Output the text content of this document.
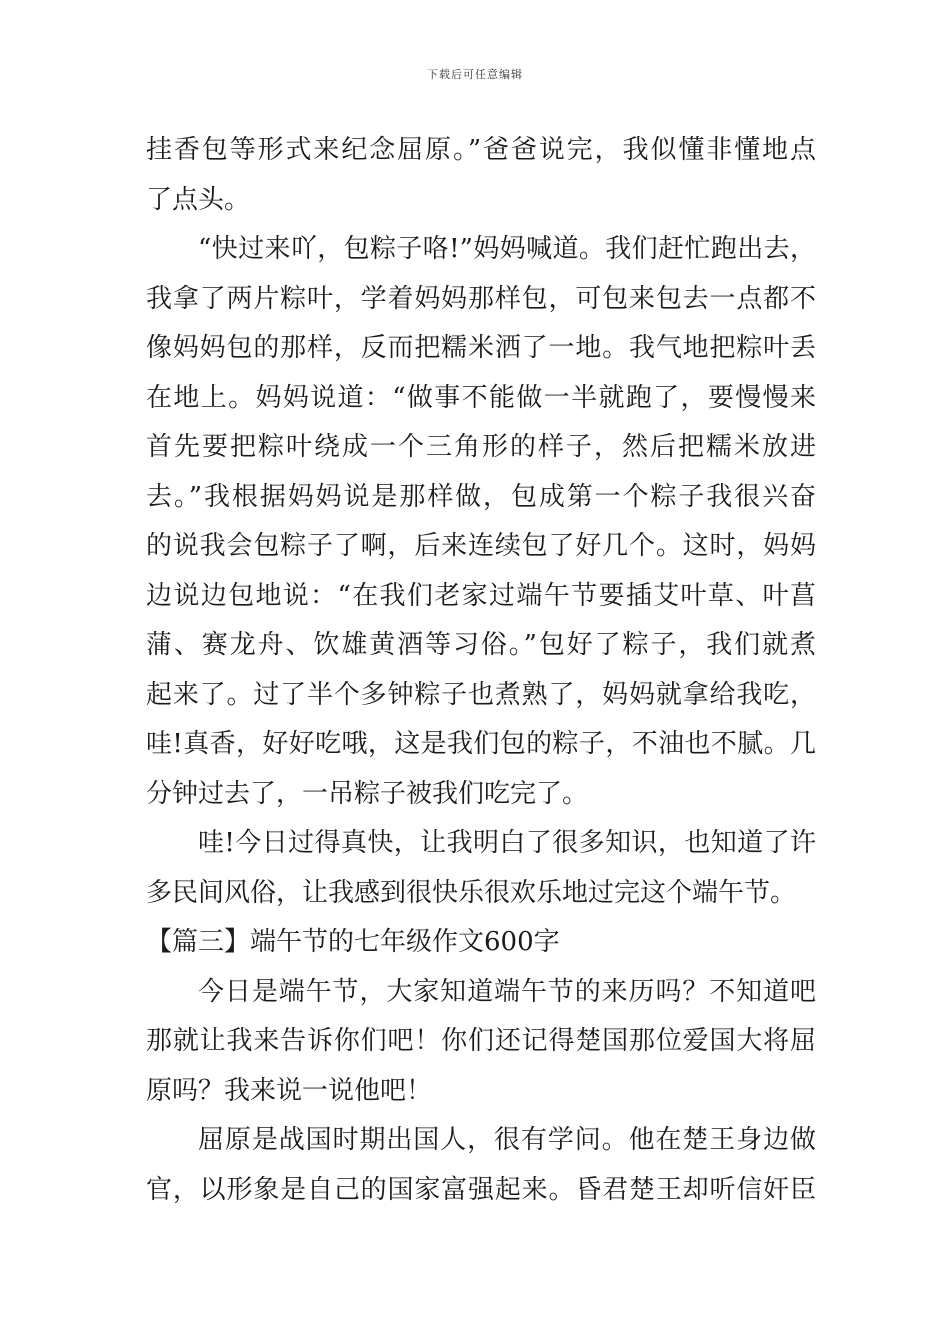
下载后可任意编辑
挂香包等形式来纪念屈原。”爸爸说完，我似懂非懂地点
了点头。
“快过来吖，包粽子咯!”妈妈喊道。我们赶忙跑出去，
我拿了两片粽叶，学着妈妈那样包，可包来包去一点都不
像妈妈包的那样，反而把糯米洒了一地。我气地把粽叶丢
在地上。妈妈说道：“做事不能做一半就跑了，要慢慢来
首先要把粽叶绕成一个三角形的样子，然后把糯米放进
去。”我根据妈妈说是那样做，包成第一个粽子我很兴奋
的说我会包粽子了啊，后来连续包了好几个。这时，妈妈
边说边包地说：“在我们老家过端午节要插艾叶草、叶菖
蒲、赛龙舟、饮雄黄酒等习俗。”包好了粽子，我们就煮
起来了。过了半个多钟粽子也煮熟了，妈妈就拿给我吃，
哇!真香，好好吃哦，这是我们包的粽子，不油也不腻。几
分钟过去了，一吊粽子被我们吃完了。
哇!今日过得真快，让我明白了很多知识，也知道了许
多民间风俗，让我感到很快乐很欢乐地过完这个端午节。
【篇三】端午节的七年级作文600字
今日是端午节，大家知道端午节的来历吗？不知道吧
那就让我来告诉你们吧！你们还记得楚国那位爱国大将屈
原吗？我来说一说他吧！
屈原是战国时期出国人，很有学问。他在楚王身边做
官，以形象是自己的国家富强起来。昏君楚王却听信奸臣
